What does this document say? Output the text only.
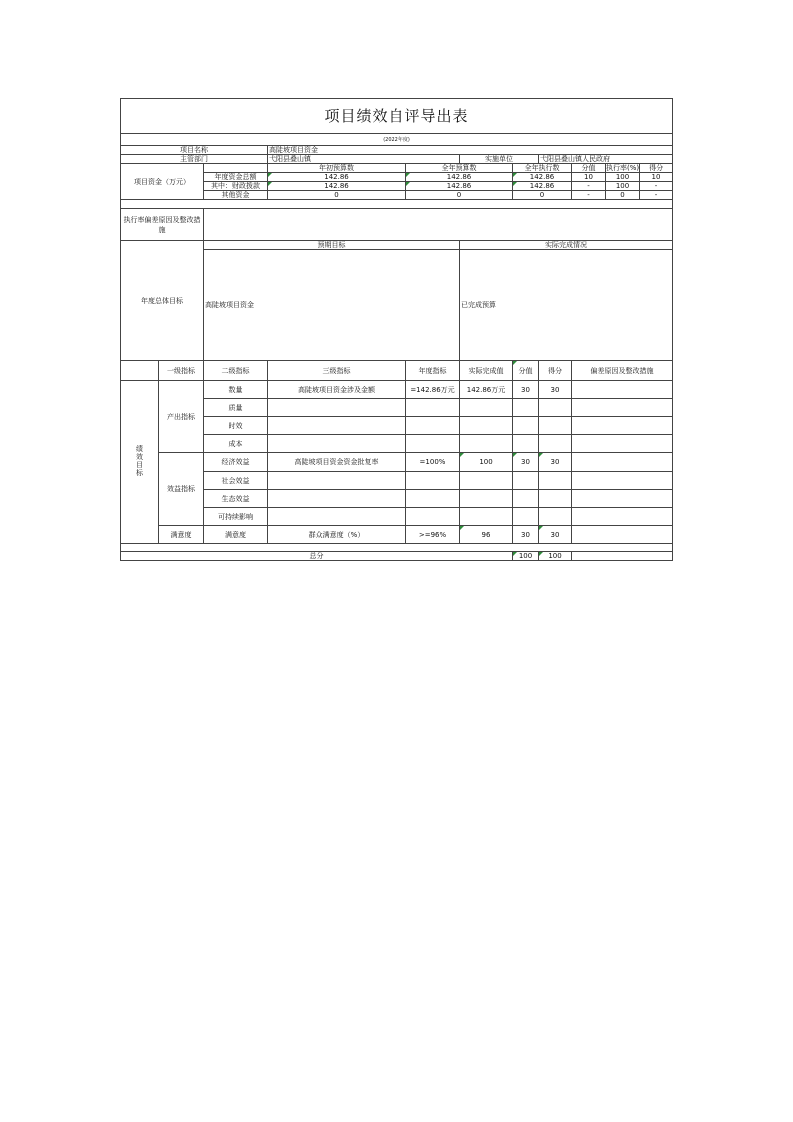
项目绩效自评导出表								
(2022年度)								
项目名称			高陡坡项目资金					
主管部门			弋阳县叠山镇		实施单位		弋阳县叠山镇人民政府	
项目资金（万元）			年初预算数	全年预算数		全年执行数		分值 执行率(%) 得分

		年度资金总额	142.86	142.86		142.86		10 100 10

		其中：财政拨款	142.86	142.86		142.86		- 100 -

		其他资金	0	0		0		- 0 -

执行率偏差原因及整改措施								
年度总体目标		预期目标			实际完成情况			
		高陡坡项目资金			已完成预算			
	一级指标	二级指标	三级指标	年度指标	实际完成值	分值	得分	偏差原因及整改措施
绩效目标	产出指标	数量	高陡坡项目资金涉及金额	=142.86万元	142.86万元	30	30	
		质量						
		时效						
		成本						
	效益指标	经济效益	高陡坡项目资金资金批复率	=100%	100	30	30	
		社会效益						
		生态效益						
		可持续影响						
	满意度	满意度	群众满意度（%）	>=96%	96	30	30	

总分						100	100	
